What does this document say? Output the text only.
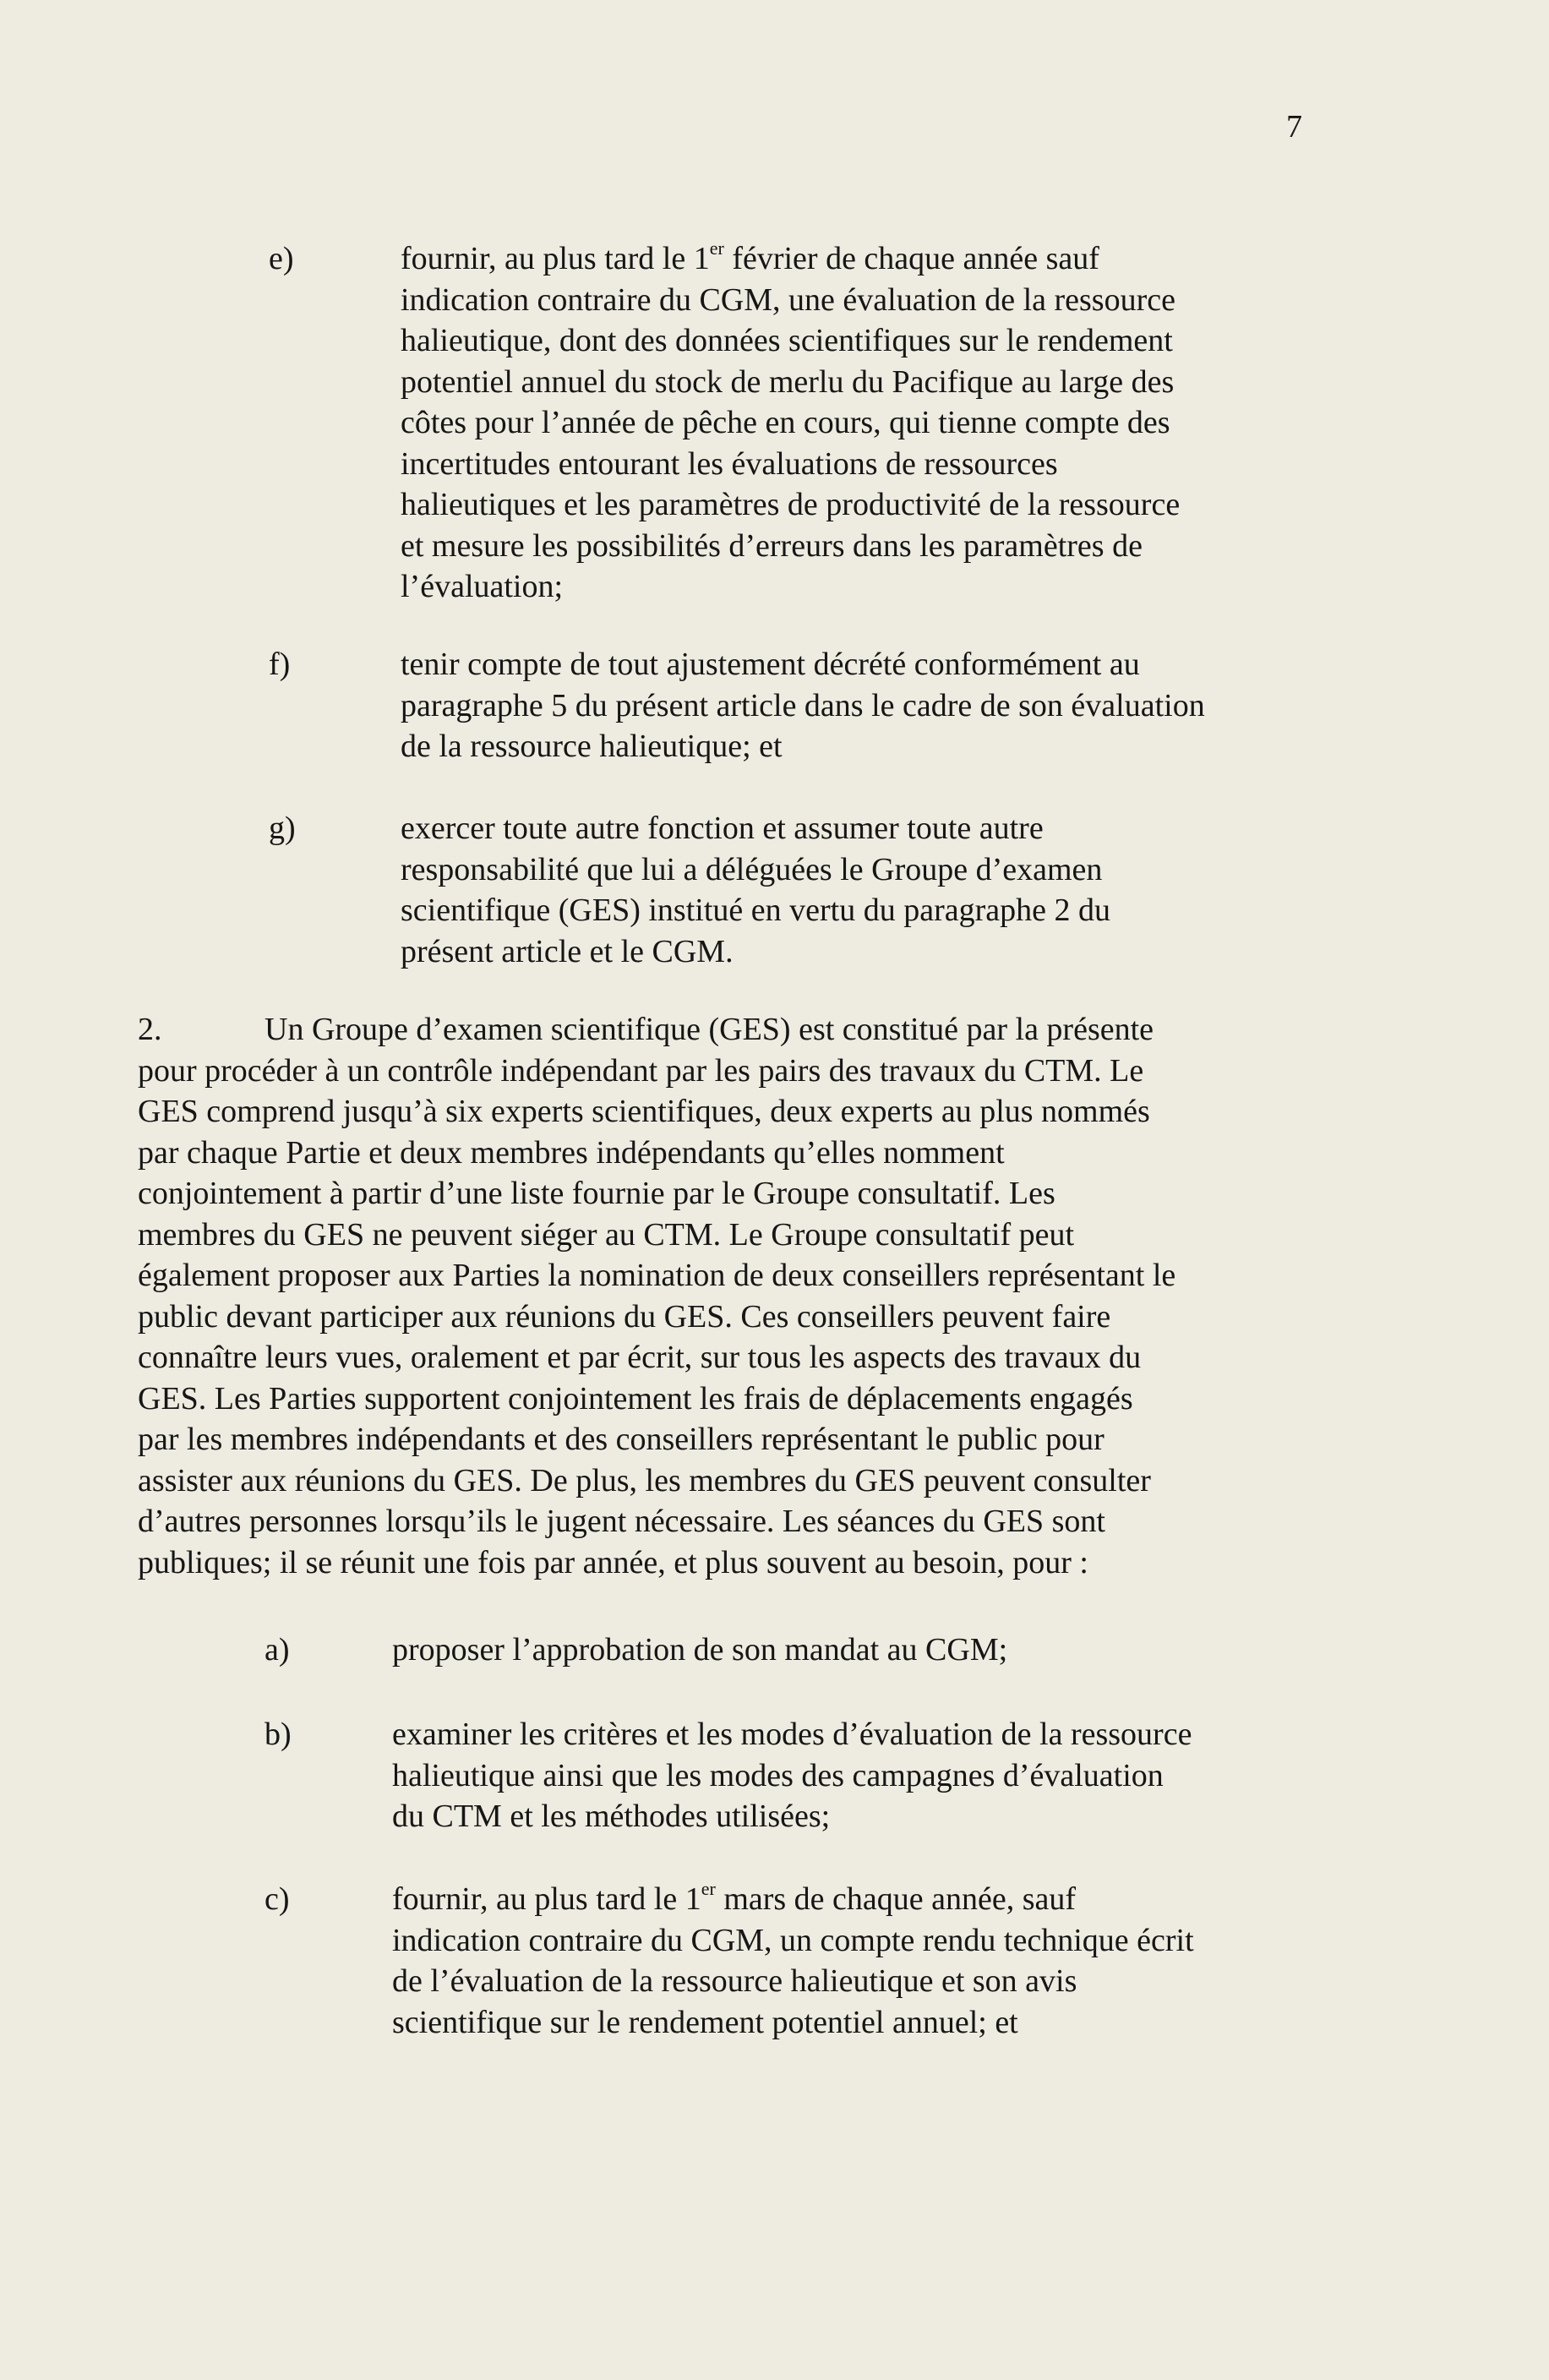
7
e)	fournir, au plus tard le 1er février de chaque année sauf
indication contraire du CGM, une évaluation de la ressource
halieutique, dont des données scientifiques sur le rendement
potentiel annuel du stock de merlu du Pacifique au large des
côtes pour l’année de pêche en cours, qui tienne compte des
incertitudes entourant les évaluations de ressources
halieutiques et les paramètres de productivité de la ressource
et mesure les possibilités d’erreurs dans les paramètres de
l’évaluation;
f)	tenir compte de tout ajustement décrété conformément au
paragraphe 5 du présent article dans le cadre de son évaluation
de la ressource halieutique; et
g)	exercer toute autre fonction et assumer toute autre
responsabilité que lui a déléguées le Groupe d’examen
scientifique (GES) institué en vertu du paragraphe 2 du
présent article et le CGM.
2.	Un Groupe d’examen scientifique (GES) est constitué par la présente
pour procéder à un contrôle indépendant par les pairs des travaux du CTM. Le
GES comprend jusqu’à six experts scientifiques, deux experts au plus nommés
par chaque Partie et deux membres indépendants qu’elles nomment
conjointement à partir d’une liste fournie par le Groupe consultatif. Les
membres du GES ne peuvent siéger au CTM. Le Groupe consultatif peut
également proposer aux Parties la nomination de deux conseillers représentant le
public devant participer aux réunions du GES. Ces conseillers peuvent faire
connaître leurs vues, oralement et par écrit, sur tous les aspects des travaux du
GES. Les Parties supportent conjointement les frais de déplacements engagés
par les membres indépendants et des conseillers représentant le public pour
assister aux réunions du GES. De plus, les membres du GES peuvent consulter
d’autres personnes lorsqu’ils le jugent nécessaire. Les séances du GES sont
publiques; il se réunit une fois par année, et plus souvent au besoin, pour :
a)	proposer l’approbation de son mandat au CGM;
b)	examiner les critères et les modes d’évaluation de la ressource
halieutique ainsi que les modes des campagnes d’évaluation
du CTM et les méthodes utilisées;
c)	fournir, au plus tard le 1er mars de chaque année, sauf
indication contraire du CGM, un compte rendu technique écrit
de l’évaluation de la ressource halieutique et son avis
scientifique sur le rendement potentiel annuel; et
